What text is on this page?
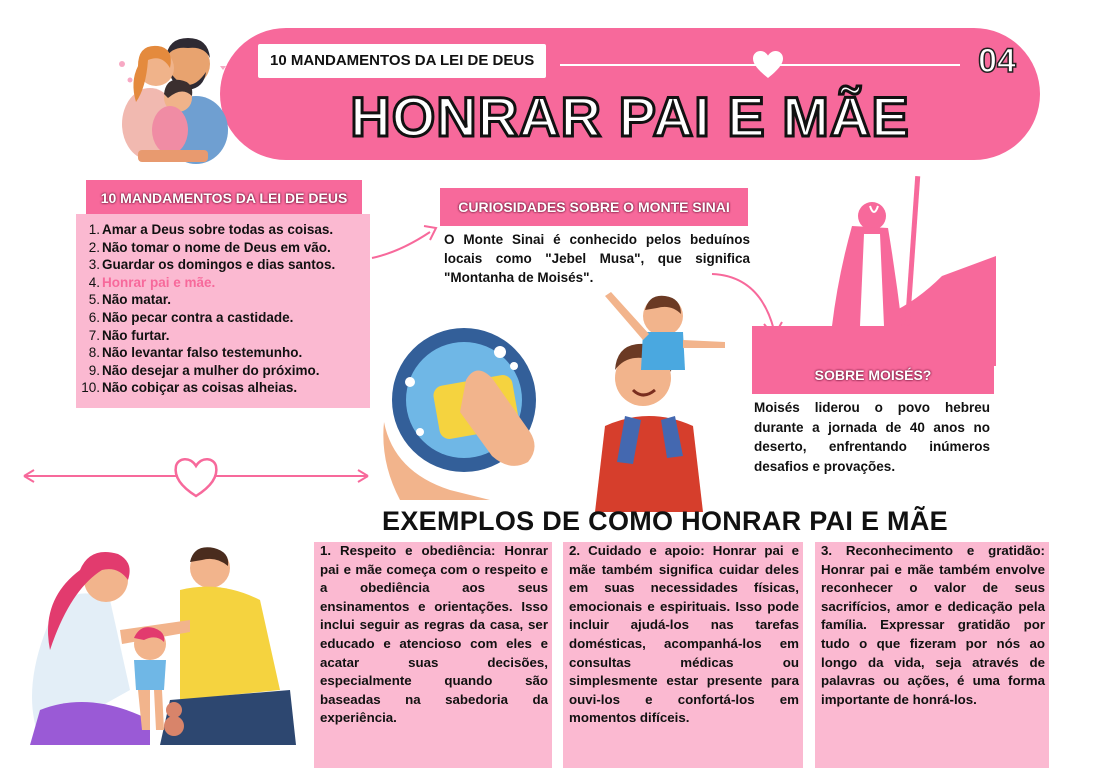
10 MANDAMENTOS DA LEI DE DEUS	04
HONRAR PAI E MÃE
10 MANDAMENTOS DA LEI DE DEUS
1. Amar a Deus sobre todas as coisas.
2. Não tomar o nome de Deus em vão.
3. Guardar os domingos e dias santos.
4. Honrar pai e mãe.
5. Não matar.
6. Não pecar contra a castidade.
7. Não furtar.
8. Não levantar falso testemunho.
9. Não desejar a mulher do próximo.
10. Não cobiçar as coisas alheias.
CURIOSIDADES SOBRE O MONTE SINAI
O Monte Sinai é conhecido pelos beduínos locais como "Jebel Musa", que significa "Montanha de Moisés".
SOBRE MOISÉS?
Moisés liderou o povo hebreu durante a jornada de 40 anos no deserto, enfrentando inúmeros desafios e provações.
EXEMPLOS DE COMO HONRAR PAI E MÃE
1. Respeito e obediência: Honrar pai e mãe começa com o respeito e a obediência aos seus ensinamentos e orientações. Isso inclui seguir as regras da casa, ser educado e atencioso com eles e acatar suas decisões, especialmente quando são baseadas na sabedoria da experiência.
2. Cuidado e apoio: Honrar pai e mãe também significa cuidar deles em suas necessidades físicas, emocionais e espirituais. Isso pode incluir ajudá-los nas tarefas domésticas, acompanhá-los em consultas médicas ou simplesmente estar presente para ouvi-los e confortá-los em momentos difíceis.
3. Reconhecimento e gratidão: Honrar pai e mãe também envolve reconhecer o valor de seus sacrifícios, amor e dedicação pela família. Expressar gratidão por tudo o que fizeram por nós ao longo da vida, seja através de palavras ou ações, é uma forma importante de honrá-los.
